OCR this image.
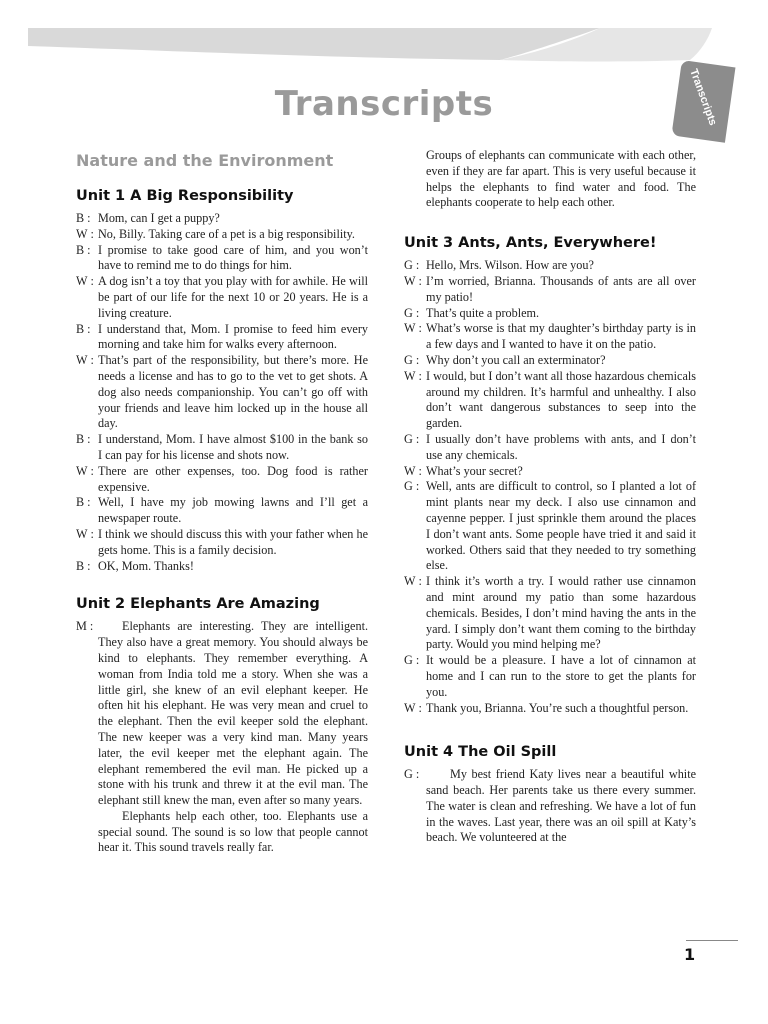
Transcripts
Transcripts
Nature and the Environment
Unit 1 A Big Responsibility
B : Mom, can I get a puppy?
W : No, Billy. Taking care of a pet is a big responsibility.
B : I promise to take good care of him, and you won’t have to remind me to do things for him.
W : A dog isn’t a toy that you play with for awhile. He will be part of our life for the next 10 or 20 years. He is a living creature.
B : I understand that, Mom. I promise to feed him every morning and take him for walks every afternoon.
W : That’s part of the responsibility, but there’s more. He needs a license and has to go to the vet to get shots. A dog also needs companionship. You can’t go off with your friends and leave him locked up in the house all day.
B : I understand, Mom. I have almost $100 in the bank so I can pay for his license and shots now.
W : There are other expenses, too. Dog food is rather expensive.
B : Well, I have my job mowing lawns and I’ll get a newspaper route.
W : I think we should discuss this with your father when he gets home. This is a family decision.
B : OK, Mom. Thanks!
Unit 2 Elephants Are Amazing
M :	Elephants are interesting. They are intelligent. They also have a great memory. You should always be kind to elephants. They remember everything. A woman from India told me a story. When she was a little girl, she knew of an evil elephant keeper. He often hit his elephant. He was very mean and cruel to the elephant. Then the evil keeper sold the elephant. The new keeper was a very kind man. Many years later, the evil keeper met the elephant again. The elephant remembered the evil man. He picked up a stone with his trunk and threw it at the evil man. The elephant still knew the man, even after so many years.

Elephants help each other, too. Elephants use a special sound. The sound is so low that people cannot hear it. This sound travels really far.

Groups of elephants can communicate with each other, even if they are far apart. This is very useful because it helps the elephants to find water and food. The elephants cooperate to help each other.

Unit 3 Ants, Ants, Everywhere!
G : Hello, Mrs. Wilson. How are you?
W : I’m worried, Brianna. Thousands of ants are all over my patio!
G : That’s quite a problem.
W : What’s worse is that my daughter’s birthday party is in a few days and I wanted to have it on the patio.
G : Why don’t you call an exterminator?
W : I would, but I don’t want all those hazardous chemicals around my children. It’s harmful and unhealthy. I also don’t want dangerous substances to seep into the garden.
G : I usually don’t have problems with ants, and I don’t use any chemicals.
W : What’s your secret?
G : Well, ants are difficult to control, so I planted a lot of mint plants near my deck. I also use cinnamon and cayenne pepper. I just sprinkle them around the places I don’t want ants. Some people have tried it and said it worked. Others said that they needed to try something else.
W : I think it’s worth a try. I would rather use cinnamon and mint around my patio than some hazardous chemicals. Besides, I don’t mind having the ants in the yard. I simply don’t want them coming to the birthday party. Would you mind helping me?
G : It would be a pleasure. I have a lot of cinnamon at home and I can run to the store to get the plants for you.
W : Thank you, Brianna. You’re such a thoughtful person.
Unit 4 The Oil Spill
G :	My best friend Katy lives near a beautiful white sand beach. Her parents take us there every summer. The water is clean and refreshing. We have a lot of fun in the waves. Last year, there was an oil spill at Katy’s beach. We volunteered at the

1
